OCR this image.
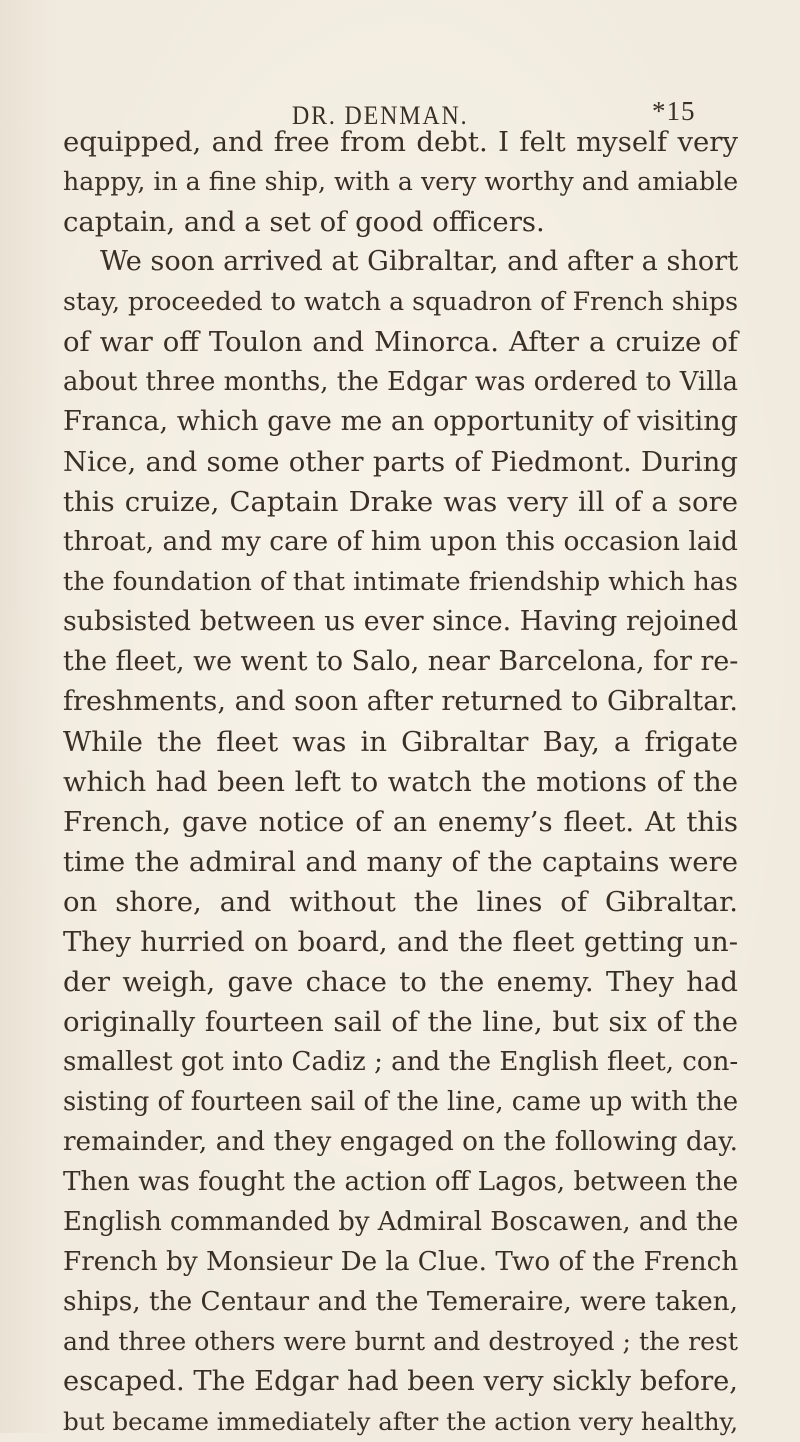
DR. DENMAN.	*15
equipped, and free from debt. I felt myself very
happy, in a fine ship, with a very worthy and amiable
captain, and a set of good officers.
We soon arrived at Gibraltar, and after a short
stay, proceeded to watch a squadron of French ships
of war off Toulon and Minorca. After a cruize of
about three months, the Edgar was ordered to Villa
Franca, which gave me an opportunity of visiting
Nice, and some other parts of Piedmont. During
this cruize, Captain Drake was very ill of a sore
throat, and my care of him upon this occasion laid
the foundation of that intimate friendship which has
subsisted between us ever since. Having rejoined
the fleet, we went to Salo, near Barcelona, for re-
freshments, and soon after returned to Gibraltar.
While the fleet was in Gibraltar Bay, a frigate
which had been left to watch the motions of the
French, gave notice of an enemy’s fleet. At this
time the admiral and many of the captains were
on shore, and without the lines of Gibraltar.
They hurried on board, and the fleet getting un-
der weigh, gave chace to the enemy. They had
originally fourteen sail of the line, but six of the
smallest got into Cadiz ; and the English fleet, con-
sisting of fourteen sail of the line, came up with the
remainder, and they engaged on the following day.
Then was fought the action off Lagos, between the
English commanded by Admiral Boscawen, and the
French by Monsieur De la Clue. Two of the French
ships, the Centaur and the Temeraire, were taken,
and three others were burnt and destroyed ; the rest
escaped. The Edgar had been very sickly before,
but became immediately after the action very healthy,
